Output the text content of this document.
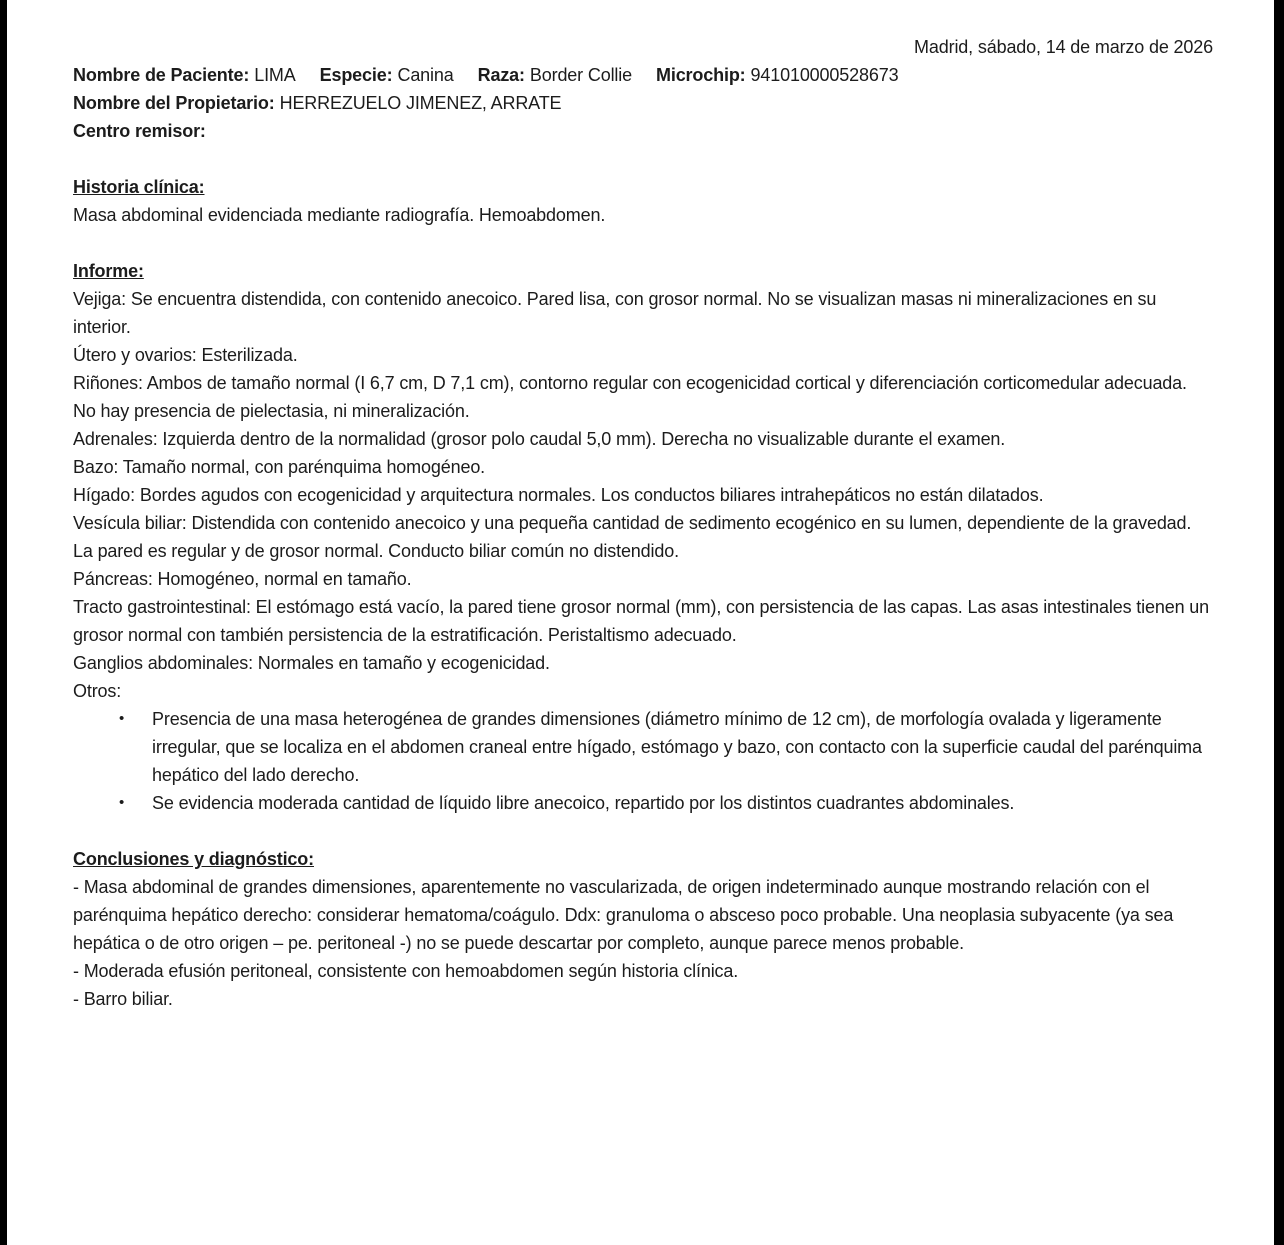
Madrid, sábado, 14 de marzo de 2026

Nombre de Paciente: LIMA Especie: Canina Raza: Border Collie Microchip: 941010000528673

Nombre del Propietario: HERREZUELO JIMENEZ, ARRATE

Centro remisor:

Historia clínica:

Masa abdominal evidenciada mediante radiografía. Hemoabdomen.

Informe:

Vejiga: Se encuentra distendida, con contenido anecoico. Pared lisa, con grosor normal. No se visualizan masas ni mineralizaciones en su interior.

Útero y ovarios: Esterilizada.

Riñones: Ambos de tamaño normal (I 6,7 cm, D 7,1 cm), contorno regular con ecogenicidad cortical y diferenciación corticomedular adecuada. No hay presencia de pielectasia, ni mineralización.

Adrenales: Izquierda dentro de la normalidad (grosor polo caudal 5,0 mm). Derecha no visualizable durante el examen.

Bazo: Tamaño normal, con parénquima homogéneo.

Hígado: Bordes agudos con ecogenicidad y arquitectura normales. Los conductos biliares intrahepáticos no están dilatados.

Vesícula biliar: Distendida con contenido anecoico y una pequeña cantidad de sedimento ecogénico en su lumen, dependiente de la gravedad. La pared es regular y de grosor normal. Conducto biliar común no distendido.

Páncreas: Homogéneo, normal en tamaño.

Tracto gastrointestinal: El estómago está vacío, la pared tiene grosor normal (mm), con persistencia de las capas. Las asas intestinales tienen un grosor normal con también persistencia de la estratificación. Peristaltismo adecuado.

Ganglios abdominales: Normales en tamaño y ecogenicidad.

Otros:

• Presencia de una masa heterogénea de grandes dimensiones (diámetro mínimo de 12 cm), de morfología ovalada y ligeramente irregular, que se localiza en el abdomen craneal entre hígado, estómago y bazo, con contacto con la superficie caudal del parénquima hepático del lado derecho.
• Se evidencia moderada cantidad de líquido libre anecoico, repartido por los distintos cuadrantes abdominales.

Conclusiones y diagnóstico:

- Masa abdominal de grandes dimensiones, aparentemente no vascularizada, de origen indeterminado aunque mostrando relación con el parénquima hepático derecho: considerar hematoma/coágulo. Ddx: granuloma o absceso poco probable. Una neoplasia subyacente (ya sea hepática o de otro origen – pe. peritoneal -) no se puede descartar por completo, aunque parece menos probable.

- Moderada efusión peritoneal, consistente con hemoabdomen según historia clínica.

- Barro biliar.
